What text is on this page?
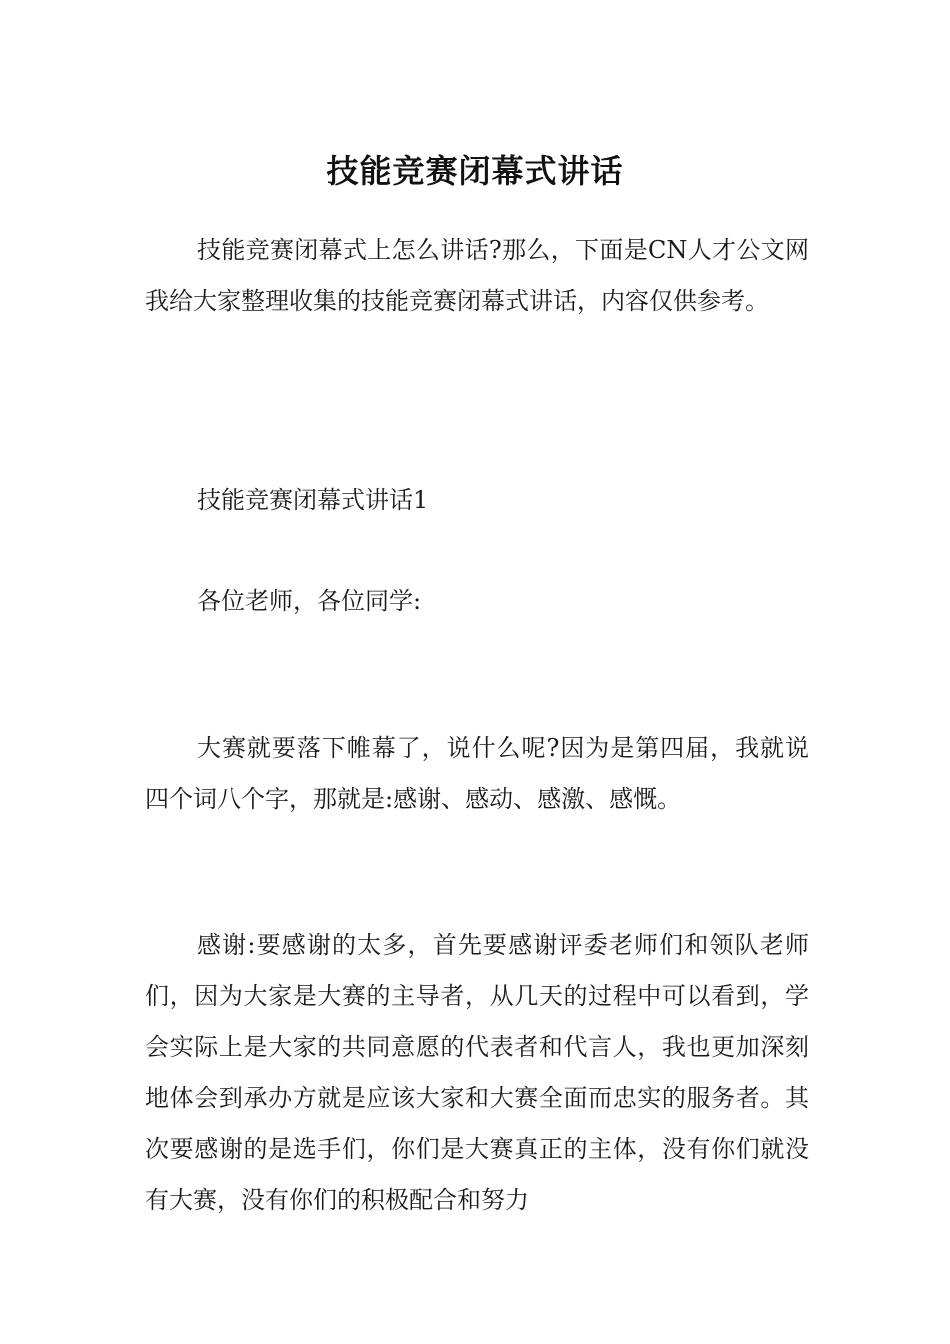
技能竞赛闭幕式讲话

技能竞赛闭幕式上怎么讲话?那么，下面是CN人才公文网我给大家整理收集的技能竞赛闭幕式讲话，内容仅供参考。

技能竞赛闭幕式讲话1

各位老师，各位同学:

大赛就要落下帷幕了，说什么呢?因为是第四届，我就说四个词八个字，那就是:感谢、感动、感激、感慨。

感谢:要感谢的太多，首先要感谢评委老师们和领队老师们，因为大家是大赛的主导者，从几天的过程中可以看到，学会实际上是大家的共同意愿的代表者和代言人，我也更加深刻地体会到承办方就是应该大家和大赛全面而忠实的服务者。其次要感谢的是选手们，你们是大赛真正的主体，没有你们就没有大赛，没有你们的积极配合和努力
